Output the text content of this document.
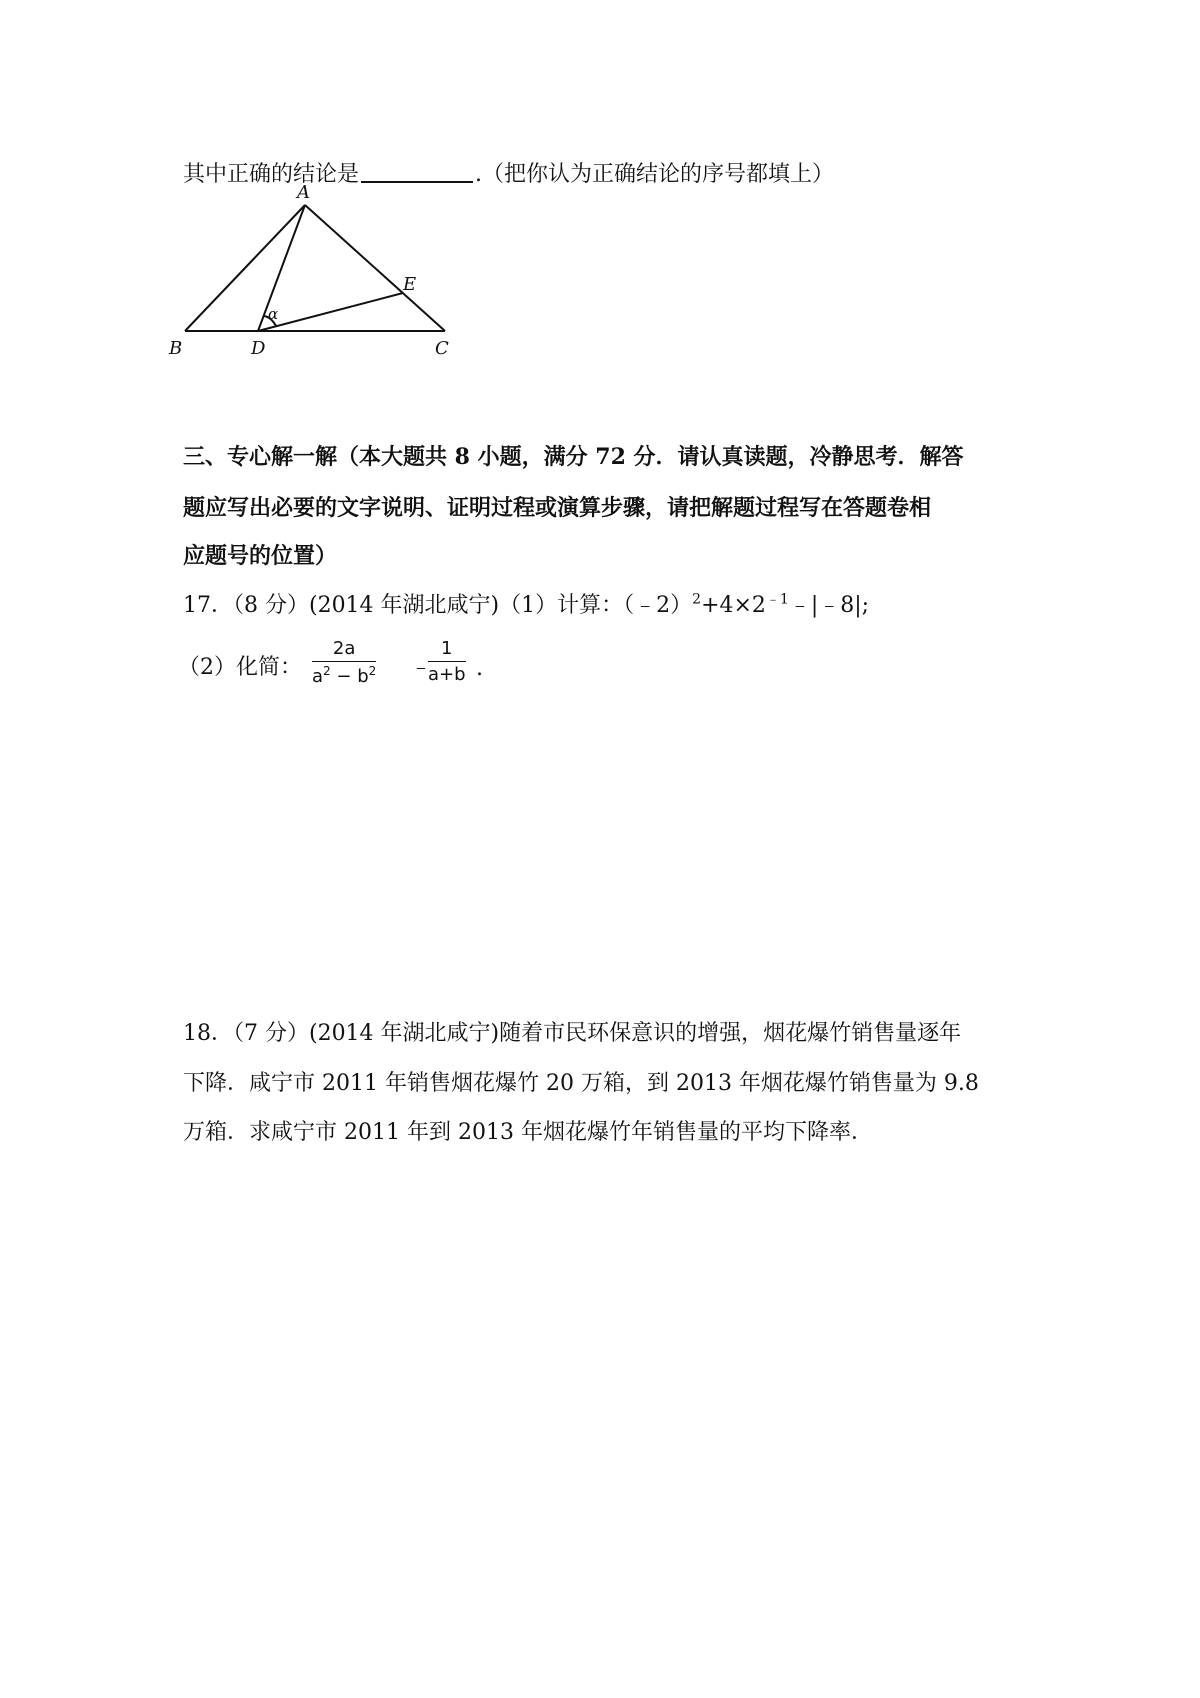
其中正确的结论是	.（把你认为正确结论的序号都填上）
A
B	D	C
E
α
三、专心解一解（本大题共 8 小题，满分 72 分．请认真读题，冷静思考．解答
题应写出必要的文字说明、证明过程或演算步骤，请把解题过程写在答题卷相
应题号的位置）
17．（8 分）(2014 年湖北咸宁)（1）计算：$(﹣2)^2+4\times 2^{﹣1}﹣|﹣8|$;
（2）化简：
2a
$a^2 - b^2$ ﹣
1
a+b .
18．（7 分）(2014 年湖北咸宁)随着市民环保意识的增强，烟花爆竹销售量逐年
下降．咸宁市 2011 年销售烟花爆竹 20 万箱，到 2013 年烟花爆竹销售量为 9.8
万箱．求咸宁市 2011 年到 2013 年烟花爆竹年销售量的平均下降率．
